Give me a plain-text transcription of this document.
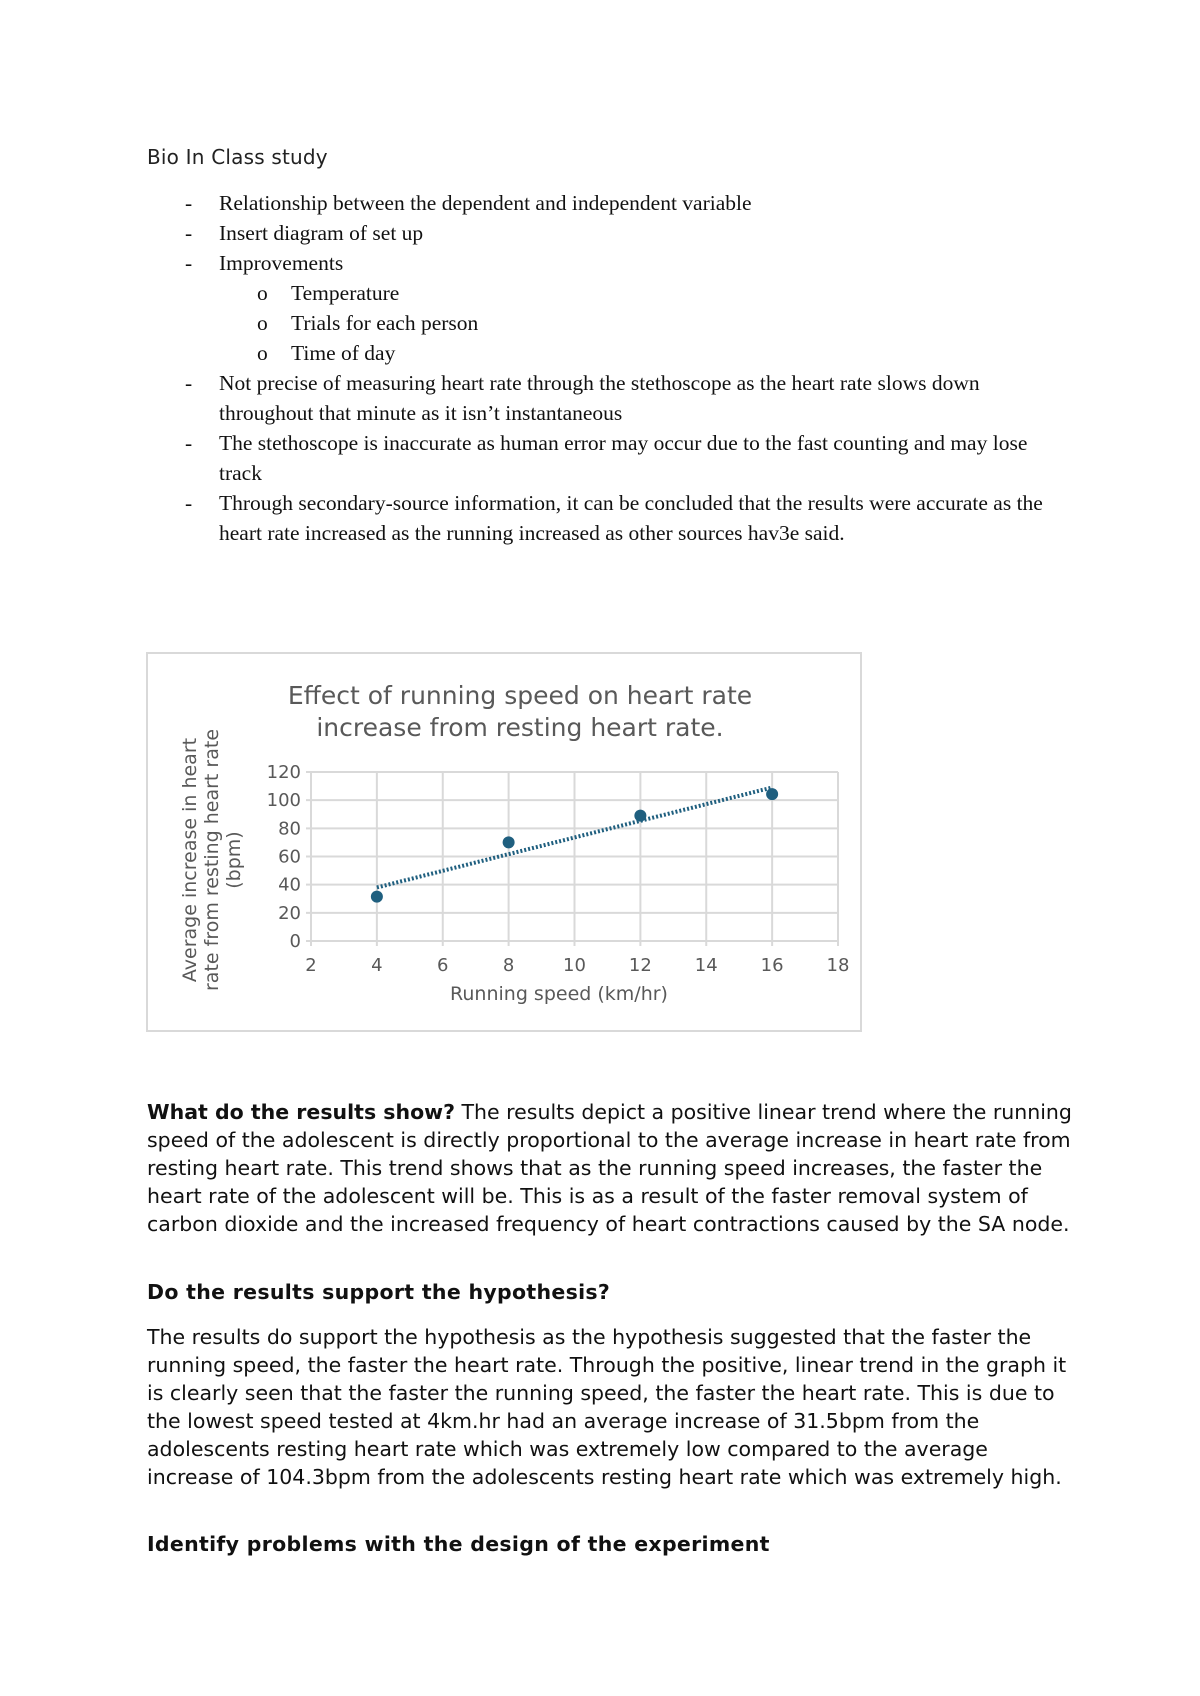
Bio In Class study
- Relationship between the dependent and independent variable
- Insert diagram of set up
- Improvements
o Temperature
o Trials for each person
o Time of day
- Not precise of measuring heart rate through the stethoscope as the heart rate slows down throughout that minute as it isn’t instantaneous
- The stethoscope is inaccurate as human error may occur due to the fast counting and may lose track
- Through secondary-source information, it can be concluded that the results were accurate as the heart rate increased as the running increased as other sources hav3e said.
2	4	6	8	10 12 14 16 18
0
20
40
60
80
100
120
Effect of running speed on heart rate
increase from resting heart rate.
Running speed (km/hr)
Average increase in heart rate from resting heart rate (bpm)

What do the results show? The results depict a positive linear trend where the running speed of the adolescent is directly proportional to the average increase in heart rate from resting heart rate. This trend shows that as the running speed increases, the faster the heart rate of the adolescent will be. This is as a result of the faster removal system of carbon dioxide and the increased frequency of heart contractions caused by the SA node.

Do the results support the hypothesis?

The results do support the hypothesis as the hypothesis suggested that the faster the running speed, the faster the heart rate. Through the positive, linear trend in the graph it is clearly seen that the faster the running speed, the faster the heart rate. This is due to the lowest speed tested at 4km.hr had an average increase of 31.5bpm from the adolescents resting heart rate which was extremely low compared to the average increase of 104.3bpm from the adolescents resting heart rate which was extremely high.

Identify problems with the design of the experiment
